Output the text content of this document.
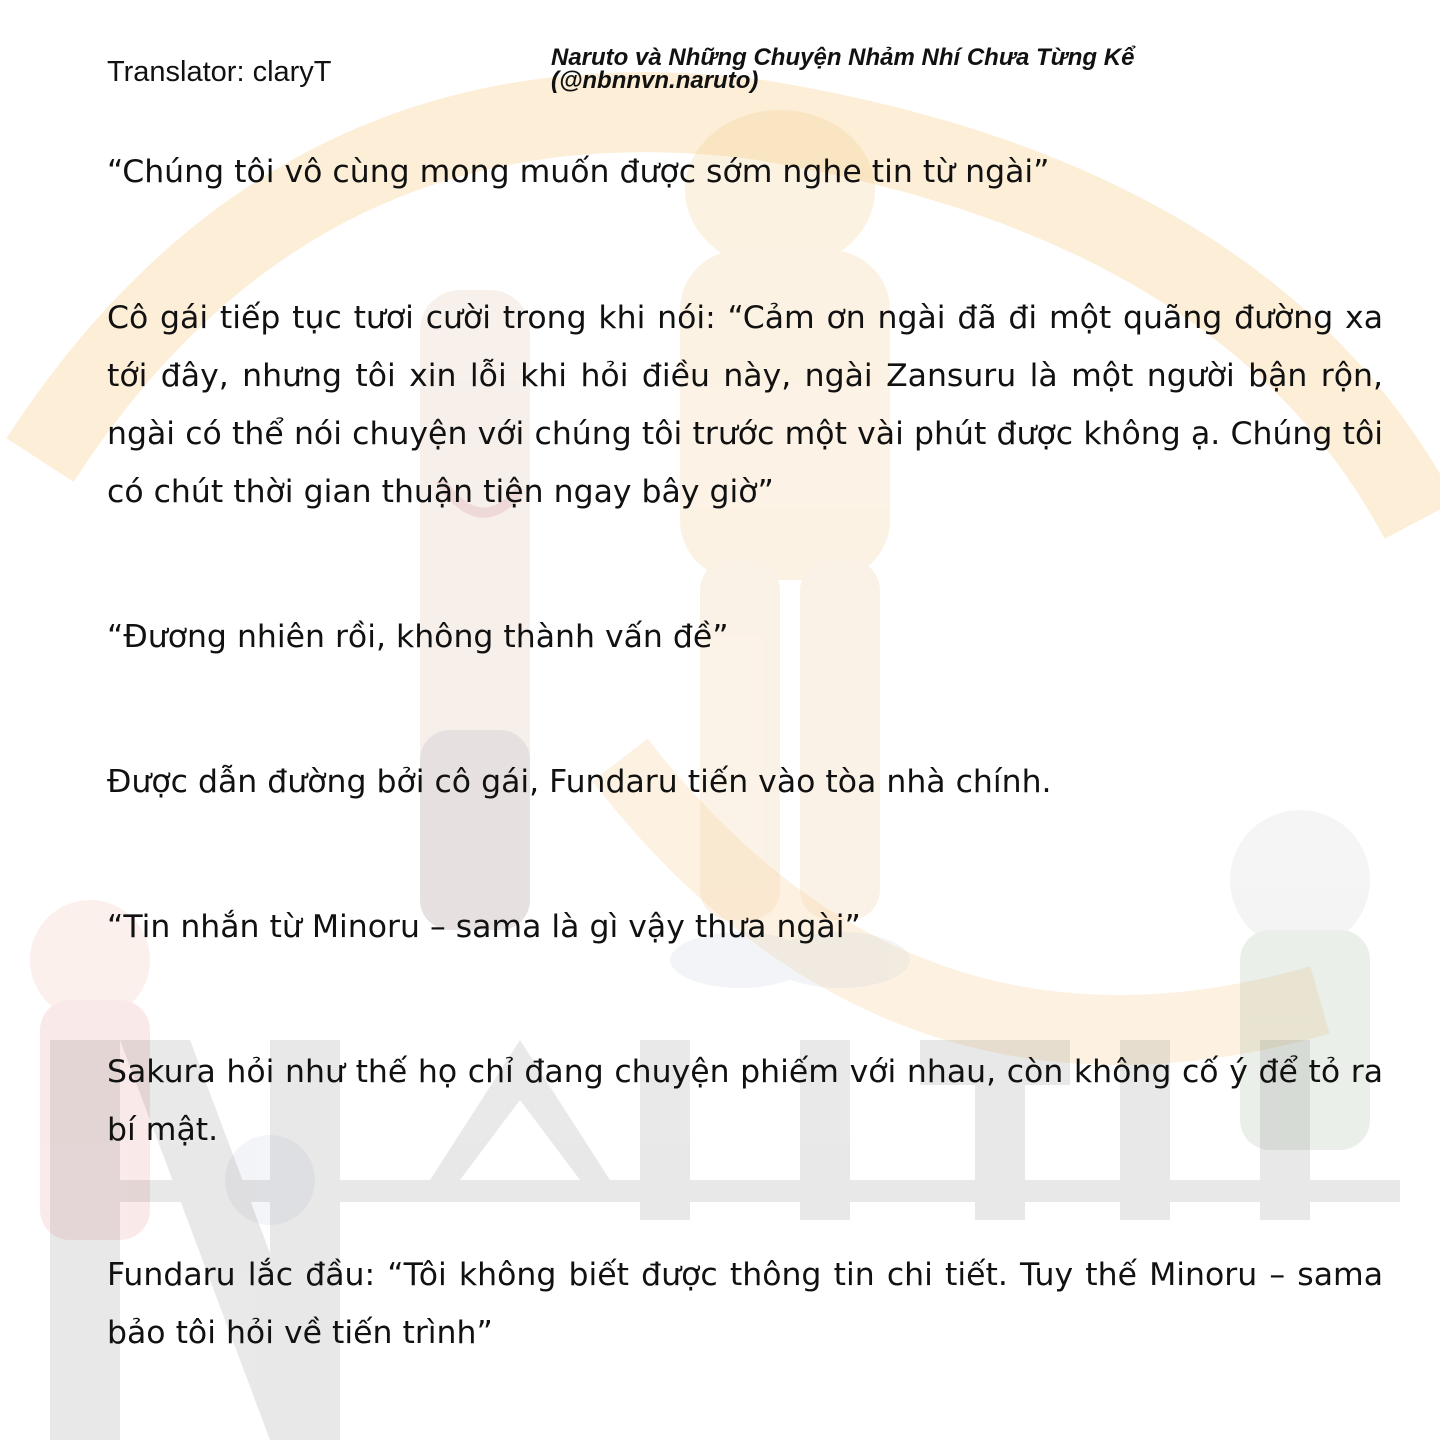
Translator: claryT	Naruto và Những Chuyện Nhảm Nhí Chưa Từng Kể
(@nbnnvn.naruto)

“Chúng tôi vô cùng mong muốn được sớm nghe tin từ ngài”

Cô gái tiếp tục tươi cười trong khi nói: “Cảm ơn ngài đã đi một quãng đường xa tới đây, nhưng tôi xin lỗi khi hỏi điều này, ngài Zansuru là một người bận rộn, ngài có thể nói chuyện với chúng tôi trước một vài phút được không ạ. Chúng tôi có chút thời gian thuận tiện ngay bây giờ”

“Đương nhiên rồi, không thành vấn đề”

Được dẫn đường bởi cô gái, Fundaru tiến vào tòa nhà chính.

“Tin nhắn từ Minoru – sama là gì vậy thưa ngài”

Sakura hỏi như thế họ chỉ đang chuyện phiếm với nhau, còn không cố ý để tỏ ra bí mật.

Fundaru lắc đầu: “Tôi không biết được thông tin chi tiết. Tuy thế Minoru – sama bảo tôi hỏi về tiến trình”
